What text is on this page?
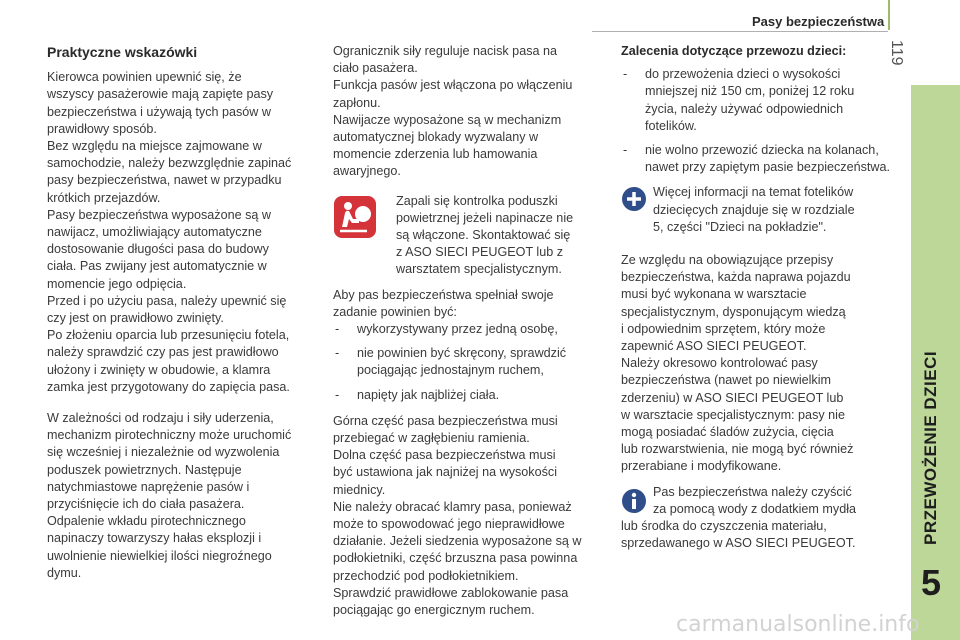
Pasy bezpieczeństwa
119
PRZEWOŻENIE DZIECI
5
Praktyczne wskazówki

Kierowca powinien upewnić się, że
wszyscy pasażerowie mają zapięte pasy
bezpieczeństwa i używają tych pasów w
prawidłowy sposób.
Bez względu na miejsce zajmowane w
samochodzie, należy bezwzględnie zapinać
pasy bezpieczeństwa, nawet w przypadku
krótkich przejazdów.
Pasy bezpieczeństwa wyposażone są w
nawijacz, umożliwiający automatyczne
dostosowanie długości pasa do budowy
ciała. Pas zwijany jest automatycznie w
momencie jego odpięcia.
Przed i po użyciu pasa, należy upewnić się
czy jest on prawidłowo zwinięty.
Po złożeniu oparcia lub przesunięciu fotela,
należy sprawdzić czy pas jest prawidłowo
ułożony i zwinięty w obudowie, a klamra
zamka jest przygotowany do zapięcia pasa.

W zależności od rodzaju i siły uderzenia,
mechanizm pirotechniczny może uruchomić
się wcześniej i niezależnie od wyzwolenia
poduszek powietrznych. Następuje
natychmiastowe naprężenie pasów i
przyciśnięcie ich do ciała pasażera.
Odpalenie wkładu pirotechnicznego
napinaczy towarzyszy hałas eksplozji i
uwolnienie niewielkiej ilości niegroźnego
dymu.

Ogranicznik siły reguluje nacisk pasa na
ciało pasażera.
Funkcja pasów jest włączona po włączeniu
zapłonu.
Nawijacze wyposażone są w mechanizm
automatycznej blokady wyzwalany w
momencie zderzenia lub hamowania
awaryjnego.

Zapali się kontrolka poduszki
powietrznej jeżeli napinacze nie
są włączone. Skontaktować się
z ASO SIECI PEUGEOT lub z
warsztatem specjalistycznym.

Aby pas bezpieczeństwa spełniał swoje
zadanie powinien być:

-	wykorzystywany przez jedną osobę,
-	nie powinien być skręcony, sprawdzić
pociągając jednostajnym ruchem,
-	napięty jak najbliżej ciała.

Górna część pasa bezpieczeństwa musi
przebiegać w zagłębieniu ramienia.
Dolna część pasa bezpieczeństwa musi
być ustawiona jak najniżej na wysokości
miednicy.
Nie należy obracać klamry pasa, ponieważ
może to spowodować jego nieprawidłowe
działanie. Jeżeli siedzenia wyposażone są w
podłokietniki, część brzuszna pasa powinna
przechodzić pod podłokietnikiem.
Sprawdzić prawidłowe zablokowanie pasa
pociągając go energicznym ruchem.

Zalecenia dotyczące przewozu dzieci:
-	do przewożenia dzieci o wysokości
mniejszej niż 150 cm, poniżej 12 roku
życia, należy używać odpowiednich
fotelików.
-	nie wolno przewozić dziecka na kolanach,
nawet przy zapiętym pasie bezpieczeństwa.

Więcej informacji na temat fotelików
dziecięcych znajduje się w rozdziale
5, części "Dzieci na pokładzie".

Ze względu na obowiązujące przepisy
bezpieczeństwa, każda naprawa pojazdu
musi być wykonana w warsztacie
specjalistycznym, dysponującym wiedzą
i odpowiednim sprzętem, który może
zapewnić ASO SIECI PEUGEOT.
Należy okresowo kontrolować pasy
bezpieczeństwa (nawet po niewielkim
zderzeniu) w ASO SIECI PEUGEOT lub
w warsztacie specjalistycznym: pasy nie
mogą posiadać śladów zużycia, cięcia
lub rozwarstwienia, nie mogą być również
przerabiane i modyfikowane.

Pas bezpieczeństwa należy czyścić
za pomocą wody z dodatkiem mydła

lub środka do czyszczenia materiału,
sprzedawanego w ASO SIECI PEUGEOT.

carmanualsonline.info
